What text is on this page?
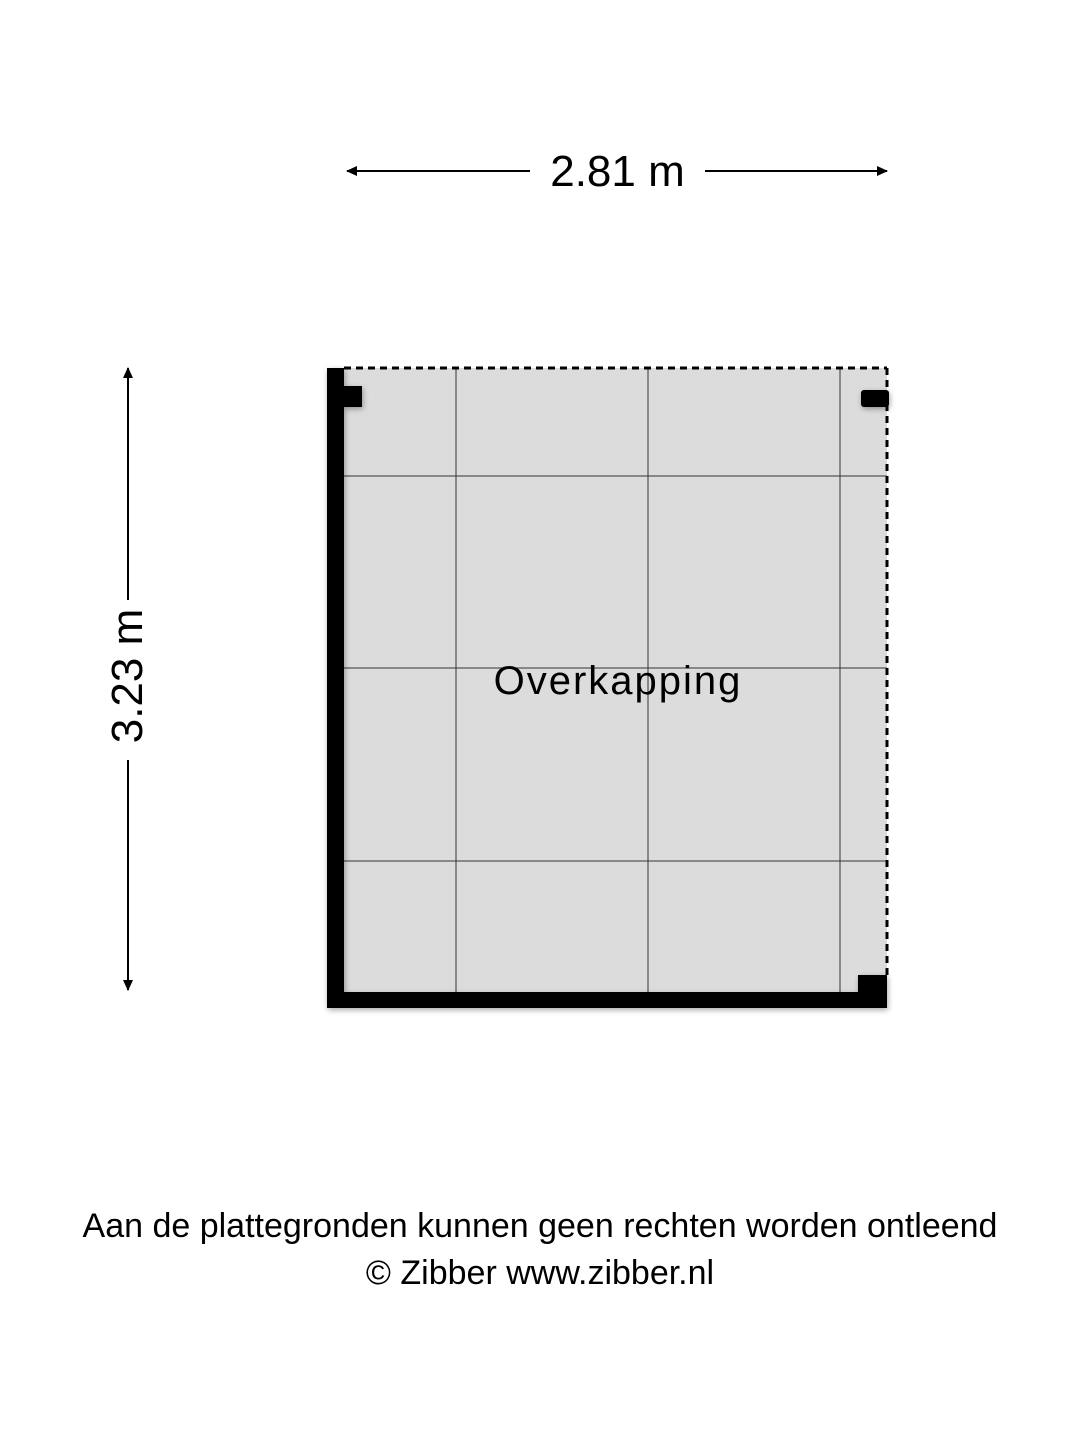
2.81 m
3.23 m	Overkapping
Aan de plattegronden kunnen geen rechten worden ontleend
© Zibber www.zibber.nl
